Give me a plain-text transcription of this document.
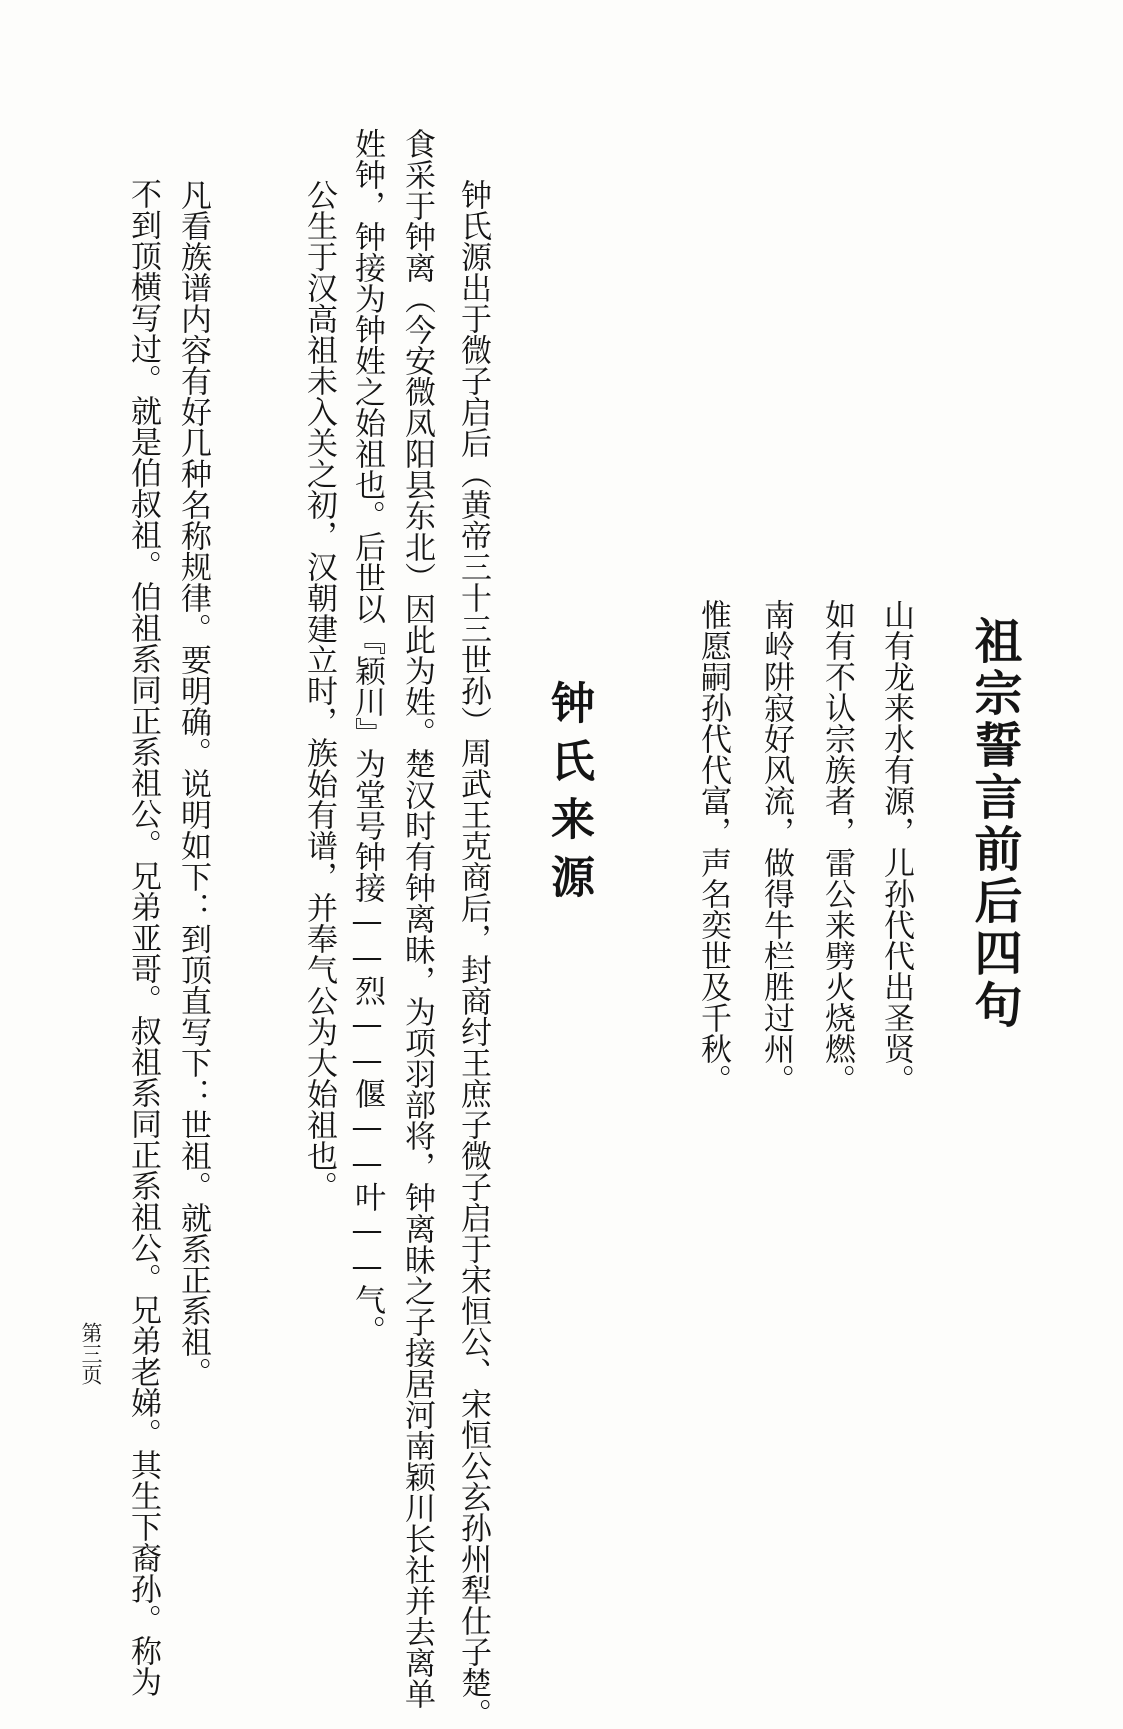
祖宗誓言前后四句
山有龙来水有源，儿孙代代出圣贤。
如有不认宗族者，雷公来劈火烧燃。
南岭阱寂好风流，做得牛栏胜过州。
惟愿嗣孙代代富，声名奕世及千秋。
钟氏来源
钟氏源出于微子启后（黄帝三十三世孙）周武王克商后，封商纣王庶子微子启于宋恒公、宋恒公玄孙州犁仕子楚。
食采于钟离（今安微凤阳县东北）因此为姓。楚汉时有钟离昧，为项羽部将，钟离昧之子接居河南颖川长社并去离单
姓钟，钟接为钟姓之始祖也。后世以『颖川』为堂号钟接——烈——偃——叶——气。
公生于汉高祖未入关之初，汉朝建立时，族始有谱，并奉气公为大始祖也。
凡看族谱内容有好几种名称规律。要明确。说明如下：到顶直写下：世祖。就系正系祖。
不到顶横写过。就是伯叔祖。伯祖系同正系祖公。兄弟亚哥。叔祖系同正系祖公。兄弟老娣。其生下裔孙。称为
第三页
